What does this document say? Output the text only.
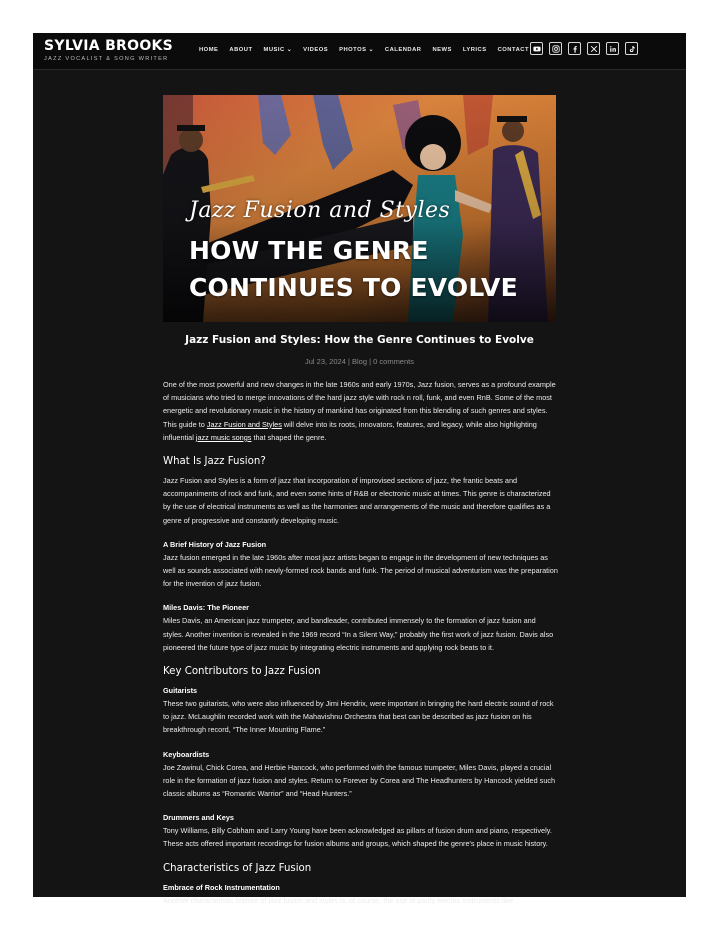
SYLVIA BROOKS
JAZZ VOCALIST & SONG WRITER
HOME ABOUT MUSIC ⌄ VIDEOS PHOTOS ⌄ CALENDAR NEWS LYRICS CONTACT
Jazz Fusion and Styles
HOW THE GENRE
CONTINUES TO EVOLVE
Jazz Fusion and Styles: How the Genre Continues to Evolve
Jul 23, 2024 | Blog | 0 comments

One of the most powerful and new changes in the late 1960s and early 1970s, Jazz fusion, serves as a profound example of musicians who tried to merge innovations of the hard jazz style with rock n roll, funk, and even RnB. Some of the most energetic and revolutionary music in the history of mankind has originated from this blending of such genres and styles. This guide to Jazz Fusion and Styles will delve into its roots, innovators, features, and legacy, while also highlighting influential jazz music songs that shaped the genre.

What Is Jazz Fusion?

Jazz Fusion and Styles is a form of jazz that incorporation of improvised sections of jazz, the frantic beats and accompaniments of rock and funk, and even some hints of R&B or electronic music at times. This genre is characterized by the use of electrical instruments as well as the harmonies and arrangements of the music and therefore qualifies as a genre of progressive and constantly developing music.

A Brief History of Jazz Fusion

Jazz fusion emerged in the late 1960s after most jazz artists began to engage in the development of new techniques as well as sounds associated with newly-formed rock bands and funk. The period of musical adventurism was the preparation for the invention of jazz fusion.

Miles Davis: The Pioneer

Miles Davis, an American jazz trumpeter, and bandleader, contributed immensely to the formation of jazz fusion and styles. Another invention is revealed in the 1969 record “In a Silent Way,” probably the first work of jazz fusion. Davis also pioneered the future type of jazz music by integrating electric instruments and applying rock beats to it.

Key Contributors to Jazz Fusion
Guitarists

These two guitarists, who were also influenced by Jimi Hendrix, were important in bringing the hard electric sound of rock to jazz. McLaughlin recorded work with the Mahavishnu Orchestra that best can be described as jazz fusion on his breakthrough record, “The Inner Mounting Flame.”

Keyboardists

Joe Zawinul, Chick Corea, and Herbie Hancock, who performed with the famous trumpeter, Miles Davis, played a crucial role in the formation of jazz fusion and styles. Return to Forever by Corea and The Headhunters by Hancock yielded such classic albums as “Romantic Warrior” and “Head Hunters.”

Drummers and Keys

Tony Williams, Billy Cobham and Larry Young have been acknowledged as pillars of fusion drum and piano, respectively. These acts offered important recordings for fusion albums and groups, which shaped the genre's place in music history.

Characteristics of Jazz Fusion
Embrace of Rock Instrumentation

Another characteristic feature of jazz fusion and styles is, of course, the use of partly electric instruments like
